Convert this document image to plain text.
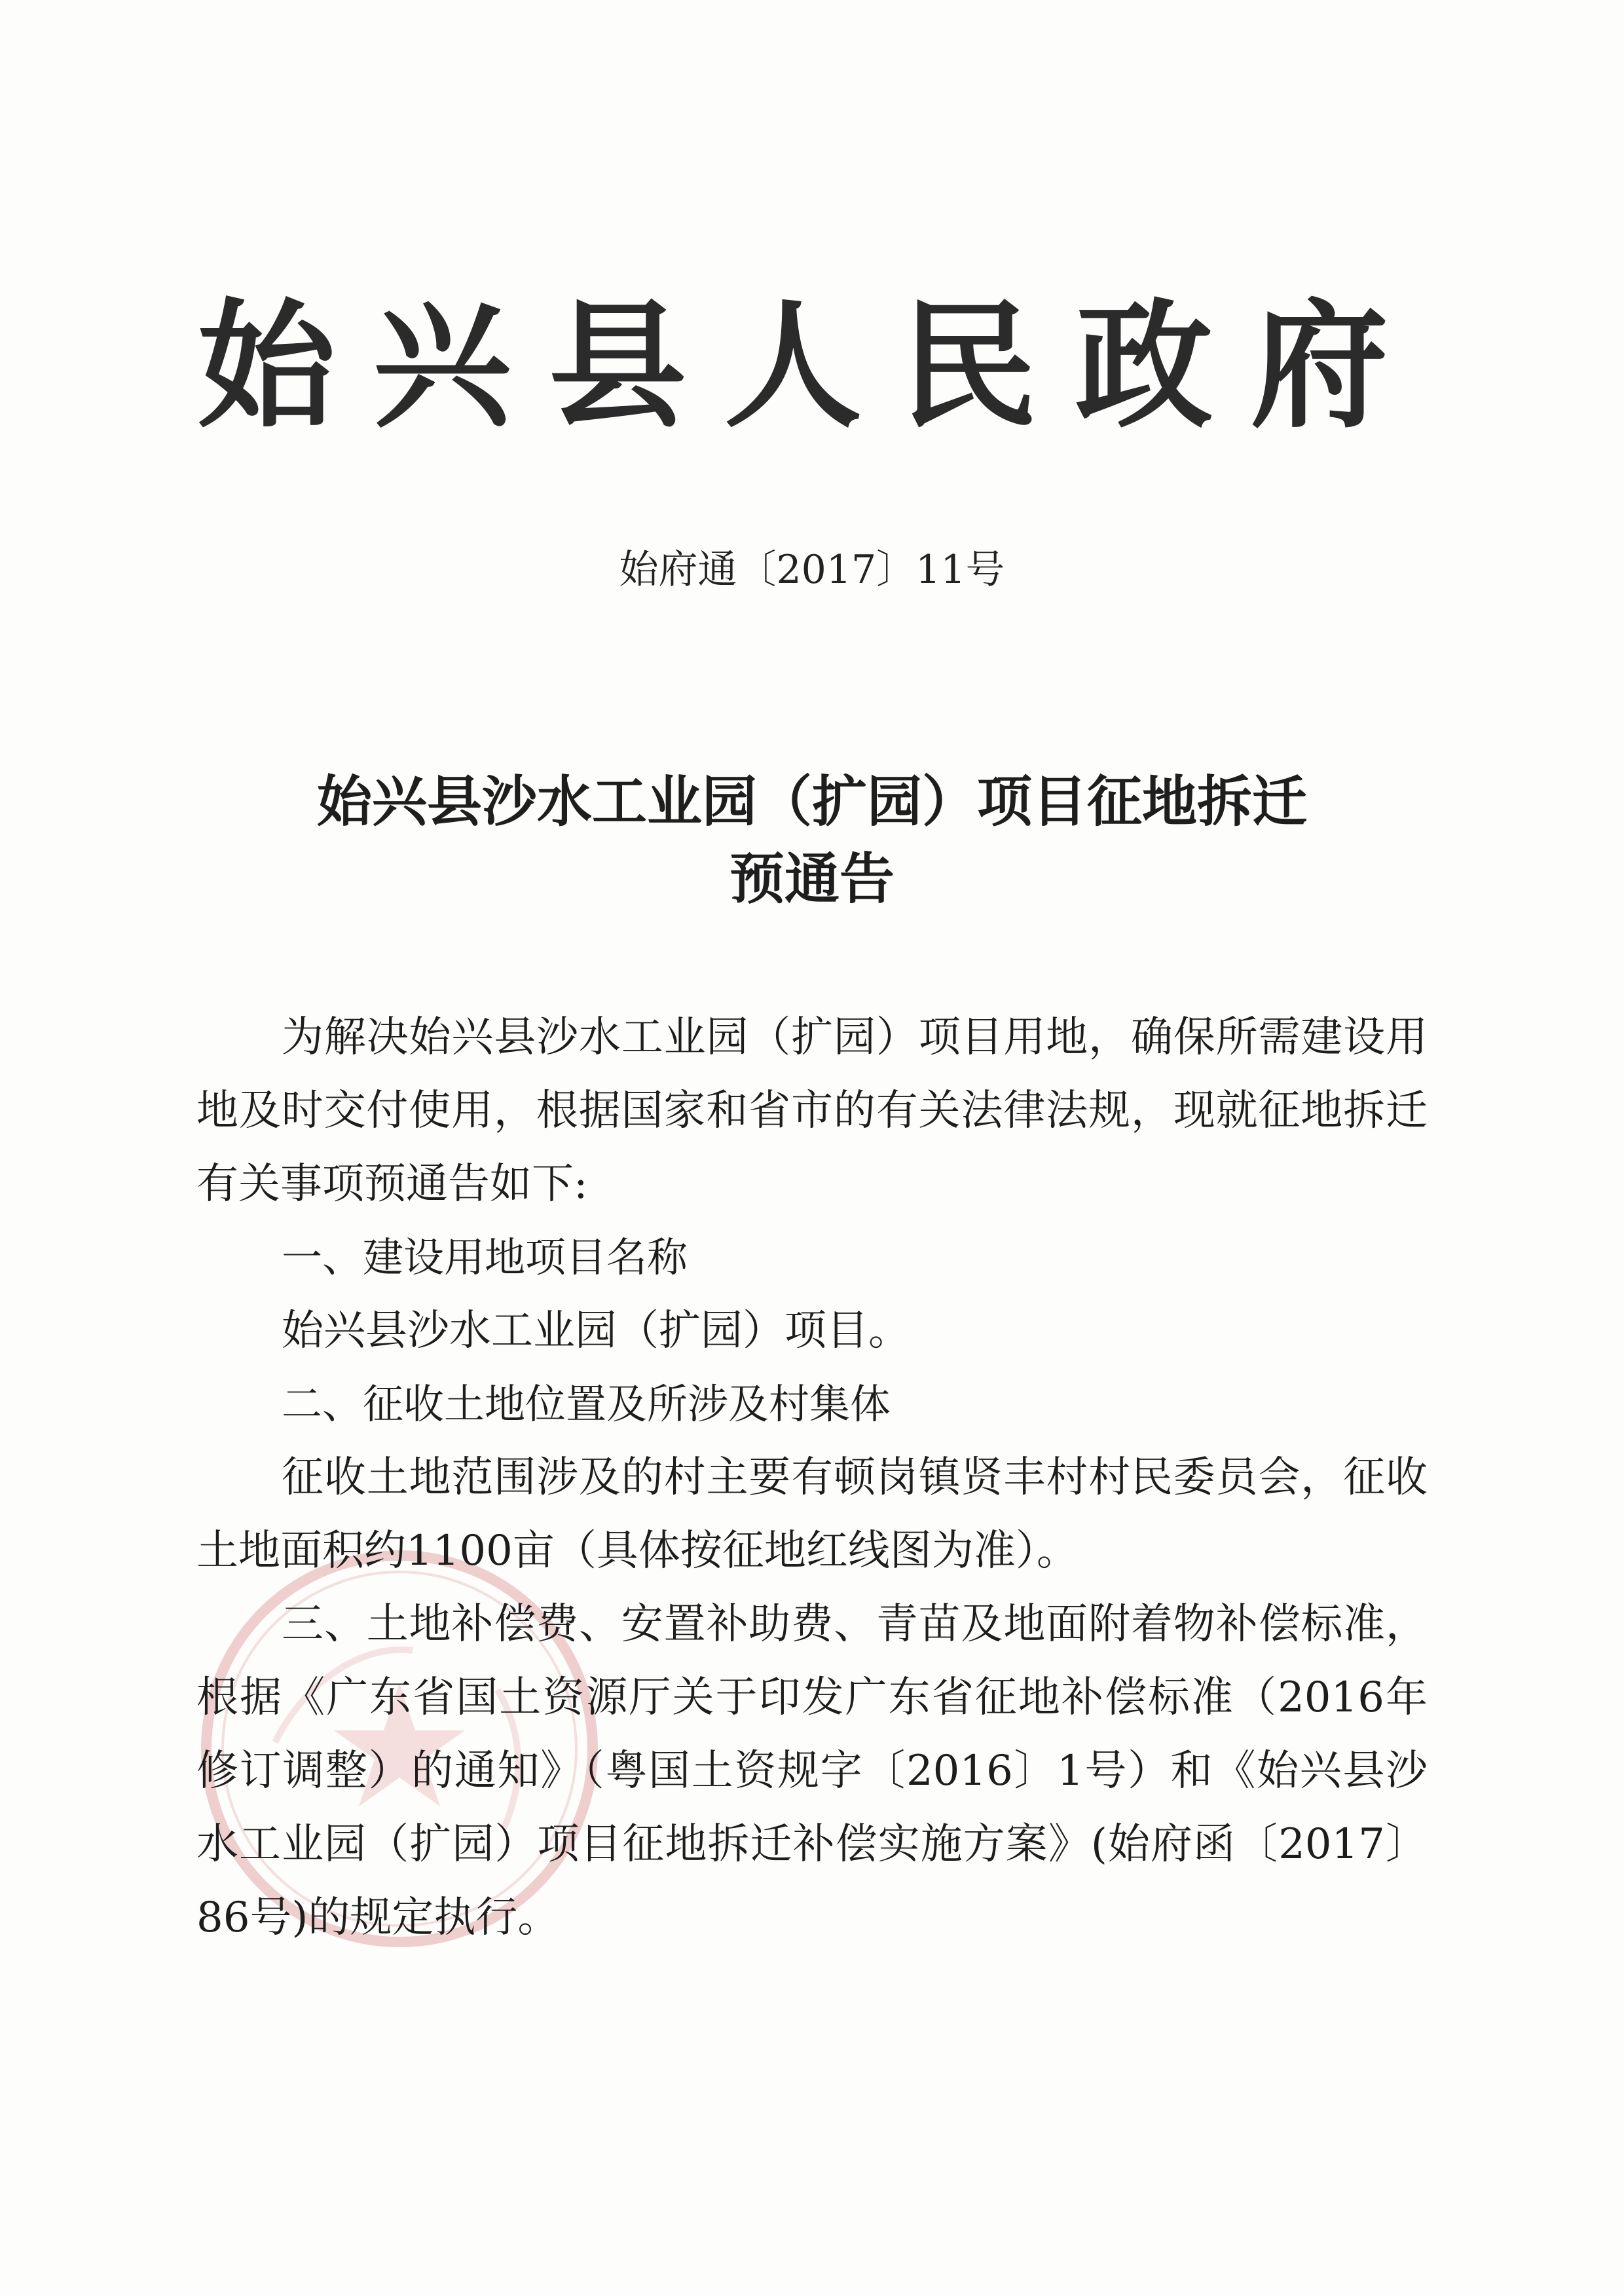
始兴县人民政府
始府通〔2017〕11号
始兴县沙水工业园（扩园）项目征地拆迁
预通告

为解决始兴县沙水工业园（扩园）项目用地，确保所需建设用地及时交付使用，根据国家和省市的有关法律法规，现就征地拆迁有关事项预通告如下:

一、建设用地项目名称

始兴县沙水工业园（扩园）项目。

二、征收土地位置及所涉及村集体

征收土地范围涉及的村主要有顿岗镇贤丰村村民委员会，征收土地面积约1100亩（具体按征地红线图为准）。

三、土地补偿费、安置补助费、青苗及地面附着物补偿标准，根据《广东省国土资源厅关于印发广东省征地补偿标准（2016年修订调整）的通知》（粤国土资规字〔2016〕1号）和《始兴县沙水工业园（扩园）项目征地拆迁补偿实施方案》(始府函〔2017〕86号)的规定执行。
